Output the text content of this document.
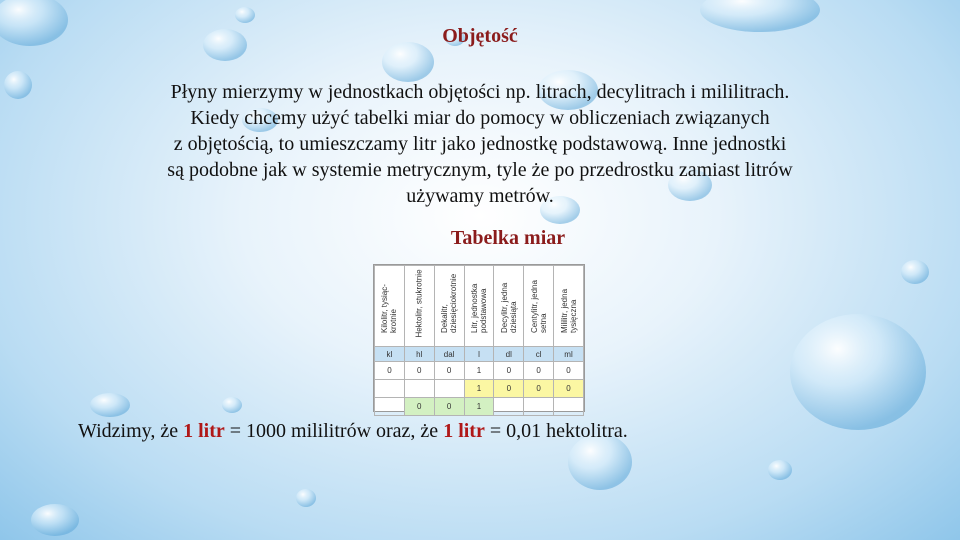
Objętość
Płyny mierzymy w jednostkach objętości np. litrach, decylitrach i mililitrach.
Kiedy chcemy użyć tabelki miar do pomocy w obliczeniach związanych
z objętością, to umieszczamy litr jako jednostkę podstawową. Inne jednostki
są podobne jak w systemie metrycznym, tyle że po przedrostku zamiast litrów
używamy metrów.
Tabelka miar
Kilolitr, tysiąc-krotnie	Hektolitr, stukrotnie	Dekalitr, dziesięciokrotnie	Litr, jednostka podstawowa	Decylitr, jedna dziesiąta	Centylitr, jedna setna	Mililitr, jedna tysięczna

kl	hl	dal	l	dl	cl	ml
0	0	0	1	0	0	0
			1	0	0	0
	0	0	1			
Widzimy, że 1 litr = 1000 mililitrów oraz, że 1 litr = 0,01 hektolitra.
